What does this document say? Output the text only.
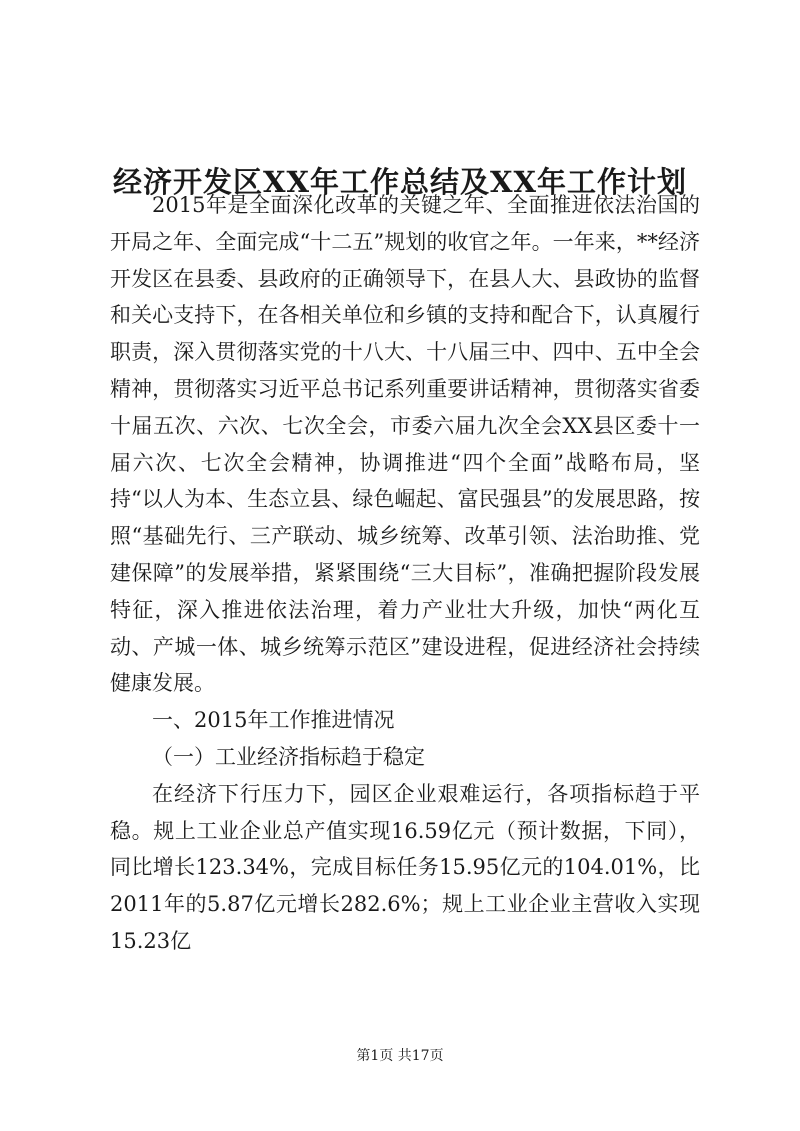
经济开发区XX年工作总结及XX年工作计划

2015年是全面深化改革的关键之年、全面推进依法治国的开局之年、全面完成“十二五”规划的收官之年。一年来，**经济开发区在县委、县政府的正确领导下，在县人大、县政协的监督和关心支持下，在各相关单位和乡镇的支持和配合下，认真履行职责，深入贯彻落实党的十八大、十八届三中、四中、五中全会精神，贯彻落实习近平总书记系列重要讲话精神，贯彻落实省委十届五次、六次、七次全会，市委六届九次全会XX县区委十一届六次、七次全会精神，协调推进“四个全面”战略布局，坚持“以人为本、生态立县、绿色崛起、富民强县”的发展思路，按照“基础先行、三产联动、城乡统筹、改革引领、法治助推、党建保障”的发展举措，紧紧围绕“三大目标”，准确把握阶段发展特征，深入推进依法治理，着力产业壮大升级，加快“两化互动、产城一体、城乡统筹示范区”建设进程，促进经济社会持续健康发展。

一、2015年工作推进情况

（一）工业经济指标趋于稳定

在经济下行压力下，园区企业艰难运行，各项指标趋于平稳。规上工业企业总产值实现16.59亿元（预计数据，下同），同比增长123.34%，完成目标任务15.95亿元的104.01%，比2011年的5.87亿元增长282.6%；规上工业企业主营收入实现15.23亿

第1页 共17页
